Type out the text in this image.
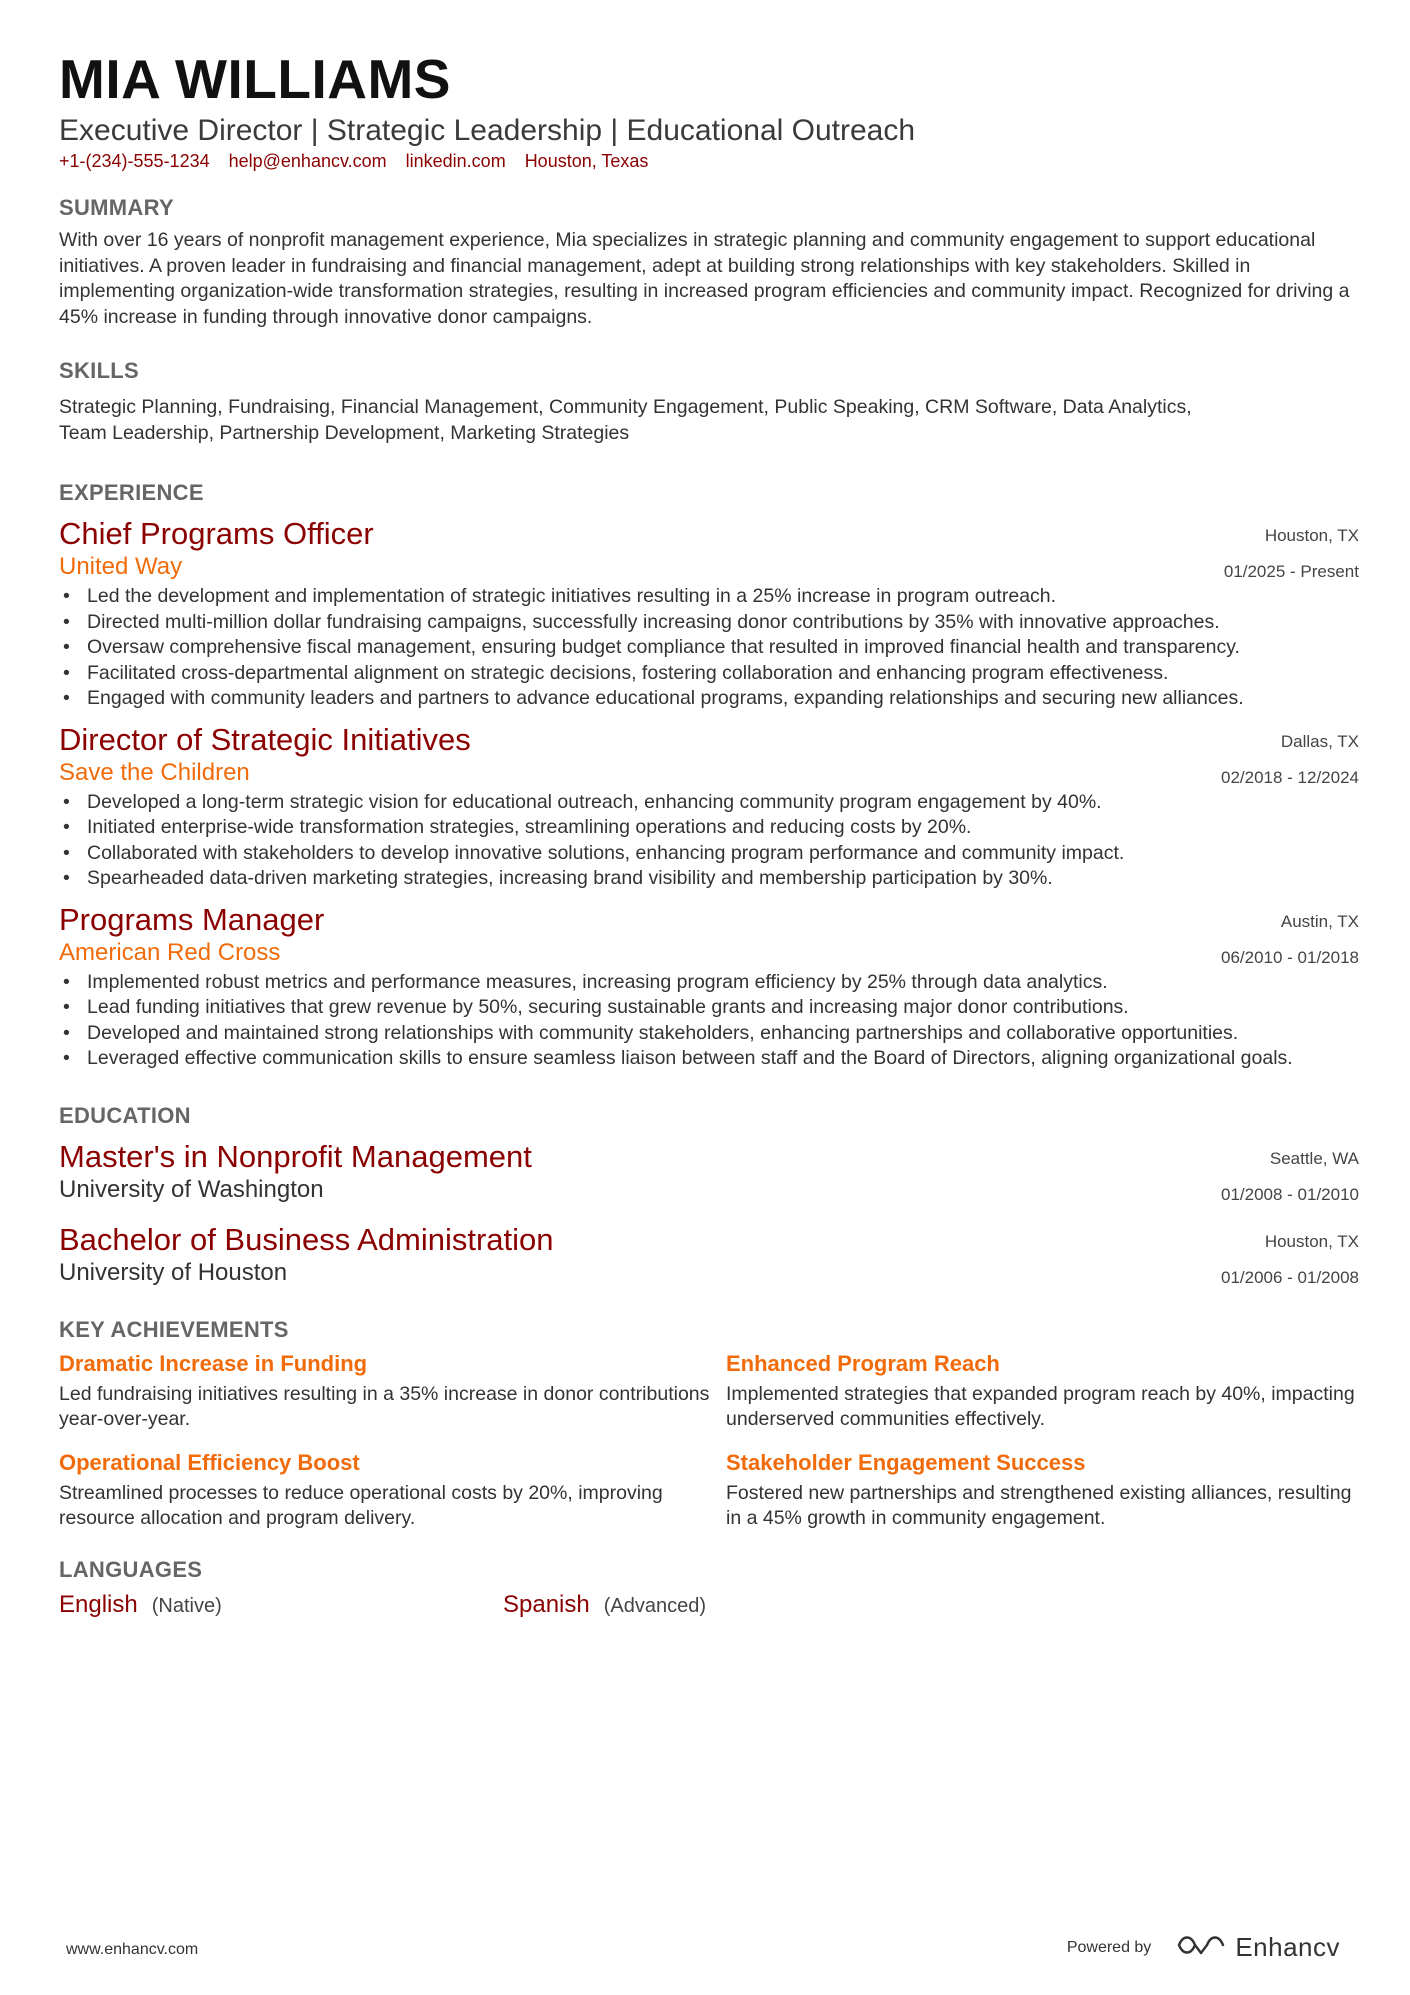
MIA WILLIAMS
Executive Director | Strategic Leadership | Educational Outreach
+1-(234)-555-1234 help@enhancv.com linkedin.com Houston, Texas
SUMMARY
With over 16 years of nonprofit management experience, Mia specializes in strategic planning and community engagement to support educational initiatives. A proven leader in fundraising and financial management, adept at building strong relationships with key stakeholders. Skilled in implementing organization-wide transformation strategies, resulting in increased program efficiencies and community impact. Recognized for driving a 45% increase in funding through innovative donor campaigns.
SKILLS
Strategic Planning, Fundraising, Financial Management, Community Engagement, Public Speaking, CRM Software, Data Analytics, Team Leadership, Partnership Development, Marketing Strategies
EXPERIENCE
Chief Programs Officer
United Way
Houston, TX
01/2025 - Present
• Led the development and implementation of strategic initiatives resulting in a 25% increase in program outreach.
• Directed multi-million dollar fundraising campaigns, successfully increasing donor contributions by 35% with innovative approaches.
• Oversaw comprehensive fiscal management, ensuring budget compliance that resulted in improved financial health and transparency.
• Facilitated cross-departmental alignment on strategic decisions, fostering collaboration and enhancing program effectiveness.
• Engaged with community leaders and partners to advance educational programs, expanding relationships and securing new alliances.
Director of Strategic Initiatives
Save the Children
Dallas, TX
02/2018 - 12/2024
• Developed a long-term strategic vision for educational outreach, enhancing community program engagement by 40%.
• Initiated enterprise-wide transformation strategies, streamlining operations and reducing costs by 20%.
• Collaborated with stakeholders to develop innovative solutions, enhancing program performance and community impact.
• Spearheaded data-driven marketing strategies, increasing brand visibility and membership participation by 30%.
Programs Manager
American Red Cross
Austin, TX
06/2010 - 01/2018
• Implemented robust metrics and performance measures, increasing program efficiency by 25% through data analytics.
• Lead funding initiatives that grew revenue by 50%, securing sustainable grants and increasing major donor contributions.
• Developed and maintained strong relationships with community stakeholders, enhancing partnerships and collaborative opportunities.
• Leveraged effective communication skills to ensure seamless liaison between staff and the Board of Directors, aligning organizational goals.
EDUCATION
Master's in Nonprofit Management
University of Washington
Seattle, WA
01/2008 - 01/2010
Bachelor of Business Administration
University of Houston
Houston, TX
01/2006 - 01/2008
KEY ACHIEVEMENTS
Dramatic Increase in Funding
Led fundraising initiatives resulting in a 35% increase in donor contributions year-over-year.
Enhanced Program Reach
Implemented strategies that expanded program reach by 40%, impacting underserved communities effectively.
Operational Efficiency Boost
Streamlined processes to reduce operational costs by 20%, improving resource allocation and program delivery.
Stakeholder Engagement Success
Fostered new partnerships and strengthened existing alliances, resulting in a 45% growth in community engagement.
LANGUAGES
English (Native)	Spanish (Advanced)
www.enhancv.com	Powered by	Enhancv
